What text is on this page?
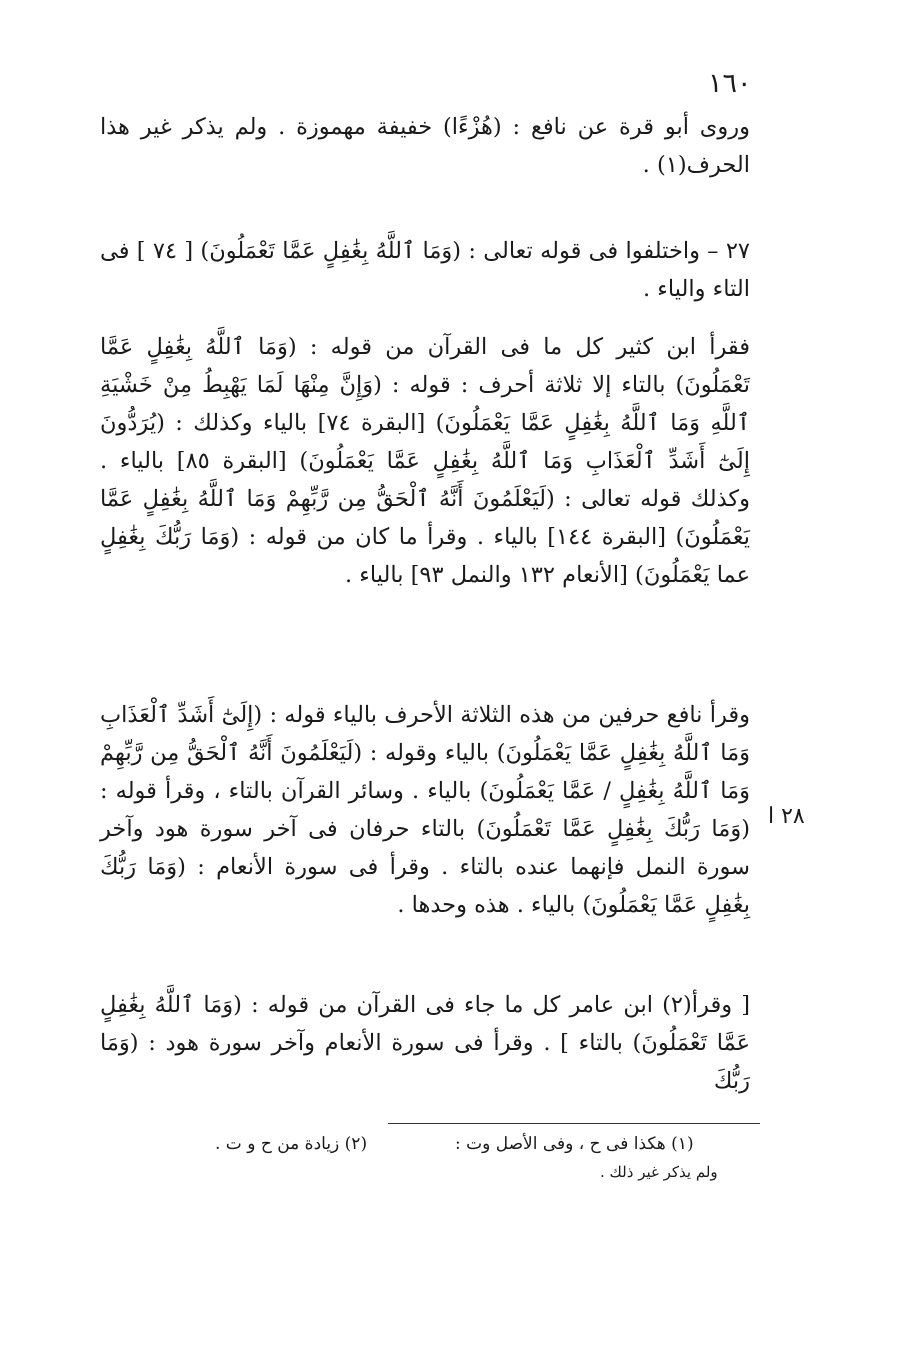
١٦٠

وروى أبو قرة عن نافع : (هُزْءًا) خفيفة مهموزة . ولم يذكر غير هذا الحرف(١) .

٢٧ – واختلفوا فى قوله تعالى : (وَمَا ٱللَّهُ بِغَٰفِلٍ عَمَّا تَعْمَلُونَ) [ ٧٤ ] فى التاء والياء .

فقرأ ابن كثير كل ما فى القرآن من قوله : (وَمَا ٱللَّهُ بِغَٰفِلٍ عَمَّا تَعْمَلُونَ) بالتاء إلا ثلاثة أحرف : قوله : (وَإِنَّ مِنْهَا لَمَا يَهْبِطُ مِنْ خَشْيَةِ ٱللَّهِ وَمَا ٱللَّهُ بِغَٰفِلٍ عَمَّا يَعْمَلُونَ) [البقرة ٧٤] بالياء وكذلك : (يُرَدُّونَ إِلَىٰٓ أَشَدِّ ٱلْعَذَابِ وَمَا ٱللَّهُ بِغَٰفِلٍ عَمَّا يَعْمَلُونَ) [البقرة ٨٥] بالياء . وكذلك قوله تعالى : (لَيَعْلَمُونَ أَنَّهُ ٱلْحَقُّ مِن رَّبِّهِمْ وَمَا ٱللَّهُ بِغَٰفِلٍ عَمَّا يَعْمَلُونَ) [البقرة ١٤٤] بالياء . وقرأ ما كان من قوله : (وَمَا رَبُّكَ بِغَٰفِلٍ عما يَعْمَلُونَ) [الأنعام ١٣٢ والنمل ٩٣] بالياء .

وقرأ نافع حرفين من هذه الثلاثة الأحرف بالياء قوله : (إِلَىٰٓ أَشَدِّ ٱلْعَذَابِ وَمَا ٱللَّهُ بِغَٰفِلٍ عَمَّا يَعْمَلُونَ) بالياء وقوله : (لَيَعْلَمُونَ أَنَّهُ ٱلْحَقُّ مِن رَّبِّهِمْ وَمَا ٱللَّهُ بِغَٰفِلٍ / عَمَّا يَعْمَلُونَ) بالياء . وسائر القرآن بالتاء ، وقرأ قوله : (وَمَا رَبُّكَ بِغَٰفِلٍ عَمَّا تَعْمَلُونَ) بالتاء حرفان فى آخر سورة هود وآخر سورة النمل فإنهما عنده بالتاء . وقرأ فى سورة الأنعام : (وَمَا رَبُّكَ بِغَٰفِلٍ عَمَّا يَعْمَلُونَ) بالياء . هذه وحدها .

[ وقرأ(٢) ابن عامر كل ما جاء فى القرآن من قوله : (وَمَا ٱللَّهُ بِغَٰفِلٍ عَمَّا تَعْمَلُونَ) بالتاء ] . وقرأ فى سورة الأنعام وآخر سورة هود : (وَمَا رَبُّكَ

٢٨ ا
(١) هكذا فى ح ، وفى الأصل وت :
(٢) زيادة من ح و ت .
ولم يذكر غير ذلك .
